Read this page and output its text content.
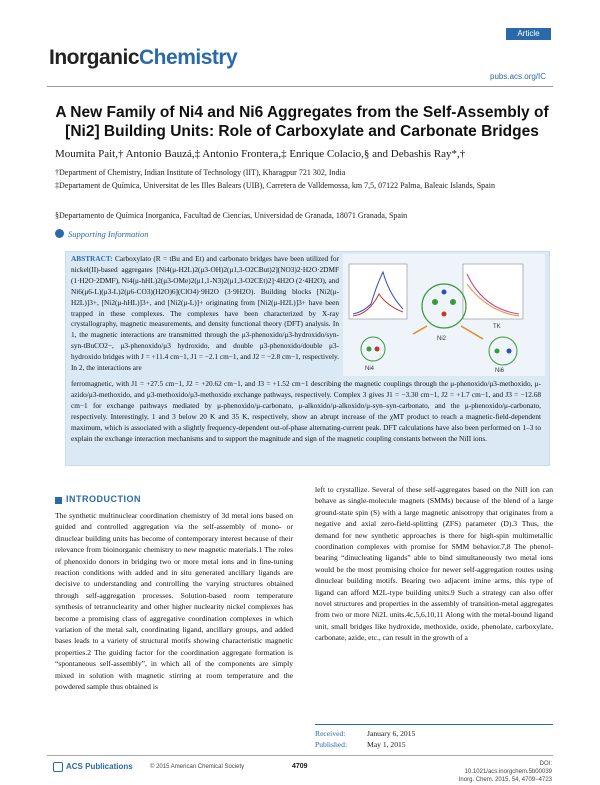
Article
InorganicChemistry
pubs.acs.org/IC
A New Family of Ni4 and Ni6 Aggregates from the Self-Assembly of
[Ni2] Building Units: Role of Carboxylate and Carbonate Bridges
Moumita Pait,† Antonio Bauzá,‡ Antonio Frontera,‡ Enrique Colacio,§ and Debashis Ray*,†
†Department of Chemistry, Indian Institute of Technology (IIT), Kharagpur 721 302, India
‡Departament de Química, Universitat de les Illes Balears (UIB), Carretera de Valldemossa, km 7,5, 07122 Palma, Baleaic Islands, Spain
§Departamento de Química Inorganica, Facultad de Ciencias, Universidad de Granada, 18071 Granada, Spain
Supporting Information
ABSTRACT: Carboxylato (R = tBu and Et) and carbonato bridges have been utilized for nickel(II)-based aggregates [Ni4(μ-H2L)2(μ3-OH)2(μ1,3-O2CBut)2](NO3)2·H2O·2DMF (1·H2O·2DMF), Ni4(μ-hHL)2(μ3-OMe)2(μ1,1-N3)2(μ1,3-O2CEt)2]·4H2O (2·4H2O), and Ni6(μ6-L)(μ3-L)2(μ6-CO3)(H2O)6](ClO4)·9H2O (3·9H2O). Building blocks [Ni2(μ-H2L)]3+, [Ni2(μ-hHL)]3+, and [Ni2(μ-L)]+ originating from [Ni2(μ-H2L)]3+ have been trapped in these complexes. The complexes have been characterized by X-ray crystallography, magnetic measurements, and density functional theory (DFT) analysis. In 1, the magnetic interactions are transmitted through the μ3-phenoxido/μ3-hydroxido/syn-syn-tBuCO2−, μ3-phenoxido/μ3 hydroxido, and double μ3-phenoxido/double μ3-hydroxido bridges with J = +11.4 cm−1, J1 = −2.1 cm−1, and J2 = −2.8 cm−1, respectively. In 2, the interactions are
ferromagnetic, with J1 = +27.5 cm−1, J2 = +20.62 cm−1, and J3 = +1.52 cm−1 describing the magnetic couplings through the μ-phenoxido/μ3-methoxido, μ-azido/μ3-methoxido, and μ3-methoxido/μ3-methoxido exchange pathways, respectively. Complex 3 gives J1 = −3.30 cm−1, J2 = +1.7 cm−1, and J3 = −12.68 cm−1 for exchange pathways mediated by μ-phenoxido/μ-carbonato, μ-alkoxido/μ-alkoxido/μ-syn–syn-carbonato, and the μ-phenoxido/μ-carbonato, respectively. Interestingly, 1 and 3 below 20 K and 35 K, respectively, show an abrupt increase of the χMT product to reach a magnetic-field-dependent maximum, which is associated with a slightly frequency-dependent out-of-phase alternating-current peak. DFT calculations have also been performed on 1–3 to explain the exchange interaction mechanisms and to support the magnitude and sign of the magnetic coupling constants between the NiII ions.
TK
Ni2
Ni4	Ni6
INTRODUCTION
The synthetic multinuclear coordination chemistry of 3d metal ions based on guided and controlled aggregation via the self-assembly of mono- or dinuclear building units has become of contemporary interest because of their relevance from bioinorganic chemistry to new magnetic materials.1 The roles of phenoxido donors in bridging two or more metal ions and in fine-tuning reaction conditions with added and in situ generated ancillary ligands are decisive to understanding and controlling the varying structures obtained through self-aggregation processes. Solution-based room temperature synthesis of tetranuclearity and other higher nuclearity nickel complexes has become a promising class of aggregative coordination complexes in which variation of the metal salt, coordinating ligand, ancillary groups, and added bases leads to a variety of structural motifs showing characteristic magnetic properties.2 The guiding factor for the coordination aggregate formation is “spontaneous self-assembly”, in which all of the components are simply mixed in solution with magnetic stirring at room temperature and the powdered sample thus obtained is
left to crystallize. Several of these self-aggregates based on the NiII ion can behave as single-molecule magnets (SMMs) because of the blend of a large ground-state spin (S) with a large magnetic anisotropy that originates from a negative and axial zero-field-splitting (ZFS) parameter (D).3 Thus, the demand for new synthetic approaches is there for high-spin multimetallic coordination complexes with promise for SMM behavior.7,8 The phenol-bearing “dinucleating ligands” able to bind simultaneously two metal ions would be the most promising choice for newer self-aggregation routes using dinuclear building motifs. Bearing two adjacent imine arms, this type of ligand can afford M2L-type building units.9 Such a strategy can also offer novel structures and properties in the assembly of transition-metal aggregates from two or more Ni2L units.4c,5,6,10,11 Along with the metal-bound ligand unit, small bridges like hydroxide, methoxide, oxide, phenolate, carboxylate, carbonate, azide, etc., can result in the growth of a
Received:	January 6, 2015
Published:	May 1, 2015
ACS Publications	© 2015 American Chemical Society	4709	DOI: 10.1021/acs.inorgchem.5b00039
Inorg. Chem. 2015, 54, 4709−4723
